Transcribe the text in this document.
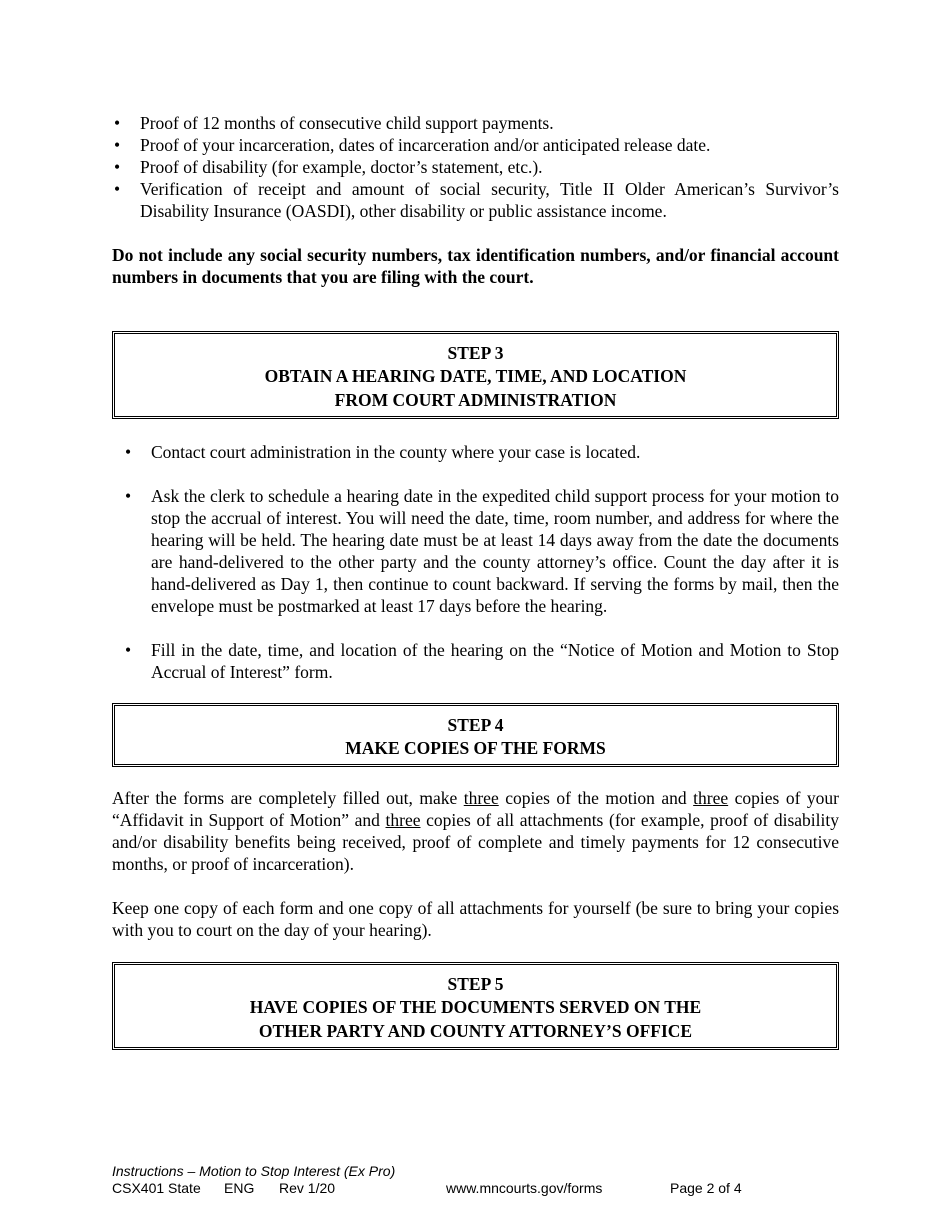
• Proof of 12 months of consecutive child support payments.
• Proof of your incarceration, dates of incarceration and/or anticipated release date.
• Proof of disability (for example, doctor’s statement, etc.).
• Verification of receipt and amount of social security, Title II Older American’s Survivor’s Disability Insurance (OASDI), other disability or public assistance income.
Do not include any social security numbers, tax identification numbers, and/or financial account numbers in documents that you are filing with the court.
STEP 3
OBTAIN A HEARING DATE, TIME, AND LOCATION
FROM COURT ADMINISTRATION
• Contact court administration in the county where your case is located.
• Ask the clerk to schedule a hearing date in the expedited child support process for your motion to stop the accrual of interest. You will need the date, time, room number, and address for where the hearing will be held. The hearing date must be at least 14 days away from the date the documents are hand-delivered to the other party and the county attorney’s office. Count the day after it is hand-delivered as Day 1, then continue to count backward. If serving the forms by mail, then the envelope must be postmarked at least 17 days before the hearing.
• Fill in the date, time, and location of the hearing on the “Notice of Motion and Motion to Stop Accrual of Interest” form.
STEP 4
MAKE COPIES OF THE FORMS

After the forms are completely filled out, make three copies of the motion and three copies of your “Affidavit in Support of Motion” and three copies of all attachments (for example, proof of disability and/or disability benefits being received, proof of complete and timely payments for 12 consecutive months, or proof of incarceration).

Keep one copy of each form and one copy of all attachments for yourself (be sure to bring your copies with you to court on the day of your hearing).

STEP 5
HAVE COPIES OF THE DOCUMENTS SERVED ON THE
OTHER PARTY AND COUNTY ATTORNEY’S OFFICE
Instructions – Motion to Stop Interest (Ex Pro)
CSX401 State ENG Rev 1/20	www.mncourts.gov/forms	Page 2 of 4
